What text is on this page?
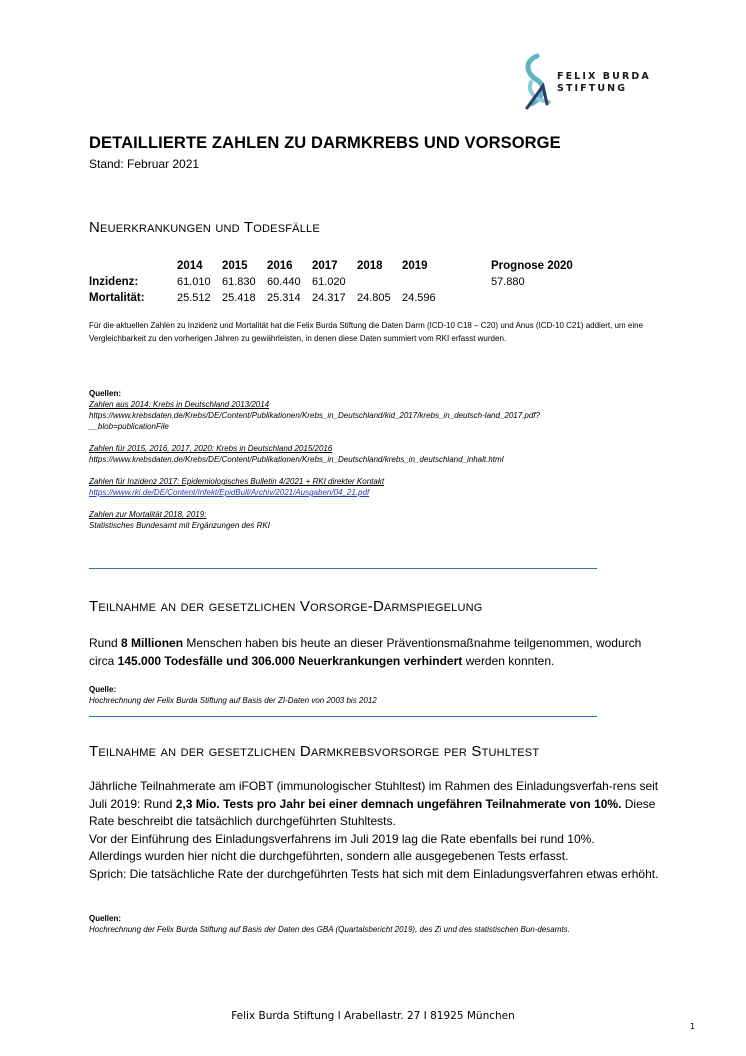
FELIX BURDA
STIFTUNG
DETAILLIERTE ZAHLEN ZU DARMKREBS UND VORSORGE
Stand: Februar 2021
Neuerkrankungen und Todesfälle
	2014	2015	2016	2017	2018	2019	Prognose 2020
Inzidenz:	61.010	61.830	60.440	61.020			57.880
Mortalität:	25.512	25.418	25.314	24.317	24.805	24.596	
Für die aktuellen Zahlen zu Inzidenz und Mortalität hat die Felix Burda Stiftung die Daten Darm (ICD-10 C18 – C20) und Anus (ICD-10 C21) addiert, um eine Vergleichbarkeit zu den vorherigen Jahren zu gewährleisten, in denen diese Daten summiert vom RKI erfasst wurden.
Quellen:
Zahlen aus 2014: Krebs in Deutschland 2013/2014
https://www.krebsdaten.de/Krebs/DE/Content/Publikationen/Krebs_in_Deutschland/kid_2017/krebs_in_deutsch-land_2017.pdf?__blob=publicationFile
Zahlen für 2015, 2016, 2017, 2020: Krebs in Deutschland 2015/2016
https://www.krebsdaten.de/Krebs/DE/Content/Publikationen/Krebs_in_Deutschland/krebs_in_deutschland_inhalt.html
Zahlen für Inzidenz 2017: Epidemiologisches Bulletin 4/2021 + RKI direkter Kontakt
https://www.rki.de/DE/Content/Infekt/EpidBull/Archiv/2021/Ausgaben/04_21.pdf
Zahlen zur Mortalität 2018, 2019:
Statistisches Bundesamt mit Ergänzungen des RKI
Teilnahme an der gesetzlichen Vorsorge-Darmspiegelung
Rund 8 Millionen Menschen haben bis heute an dieser Präventionsmaßnahme teilgenommen, wodurch circa 145.000 Todesfälle und 306.000 Neuerkrankungen verhindert werden konnten.
Quelle:
Hochrechnung der Felix Burda Stiftung auf Basis der ZI-Daten von 2003 bis 2012
Teilnahme an der gesetzlichen Darmkrebsvorsorge per Stuhltest
Jährliche Teilnahmerate am iFOBT (immunologischer Stuhltest) im Rahmen des Einladungsverfah-rens seit Juli 2019: Rund 2,3 Mio. Tests pro Jahr bei einer demnach ungefähren Teilnahmerate von 10%. Diese Rate beschreibt die tatsächlich durchgeführten Stuhltests.
Vor der Einführung des Einladungsverfahrens im Juli 2019 lag die Rate ebenfalls bei rund 10%.
Allerdings wurden hier nicht die durchgeführten, sondern alle ausgegebenen Tests erfasst.
Sprich: Die tatsächliche Rate der durchgeführten Tests hat sich mit dem Einladungsverfahren etwas erhöht.
Quellen:
Hochrechnung der Felix Burda Stiftung auf Basis der Daten des GBA (Quartalsbericht 2019), des Zi und des statistischen Bun-desamts.
Felix Burda Stiftung I Arabellastr. 27 I 81925 München
1
